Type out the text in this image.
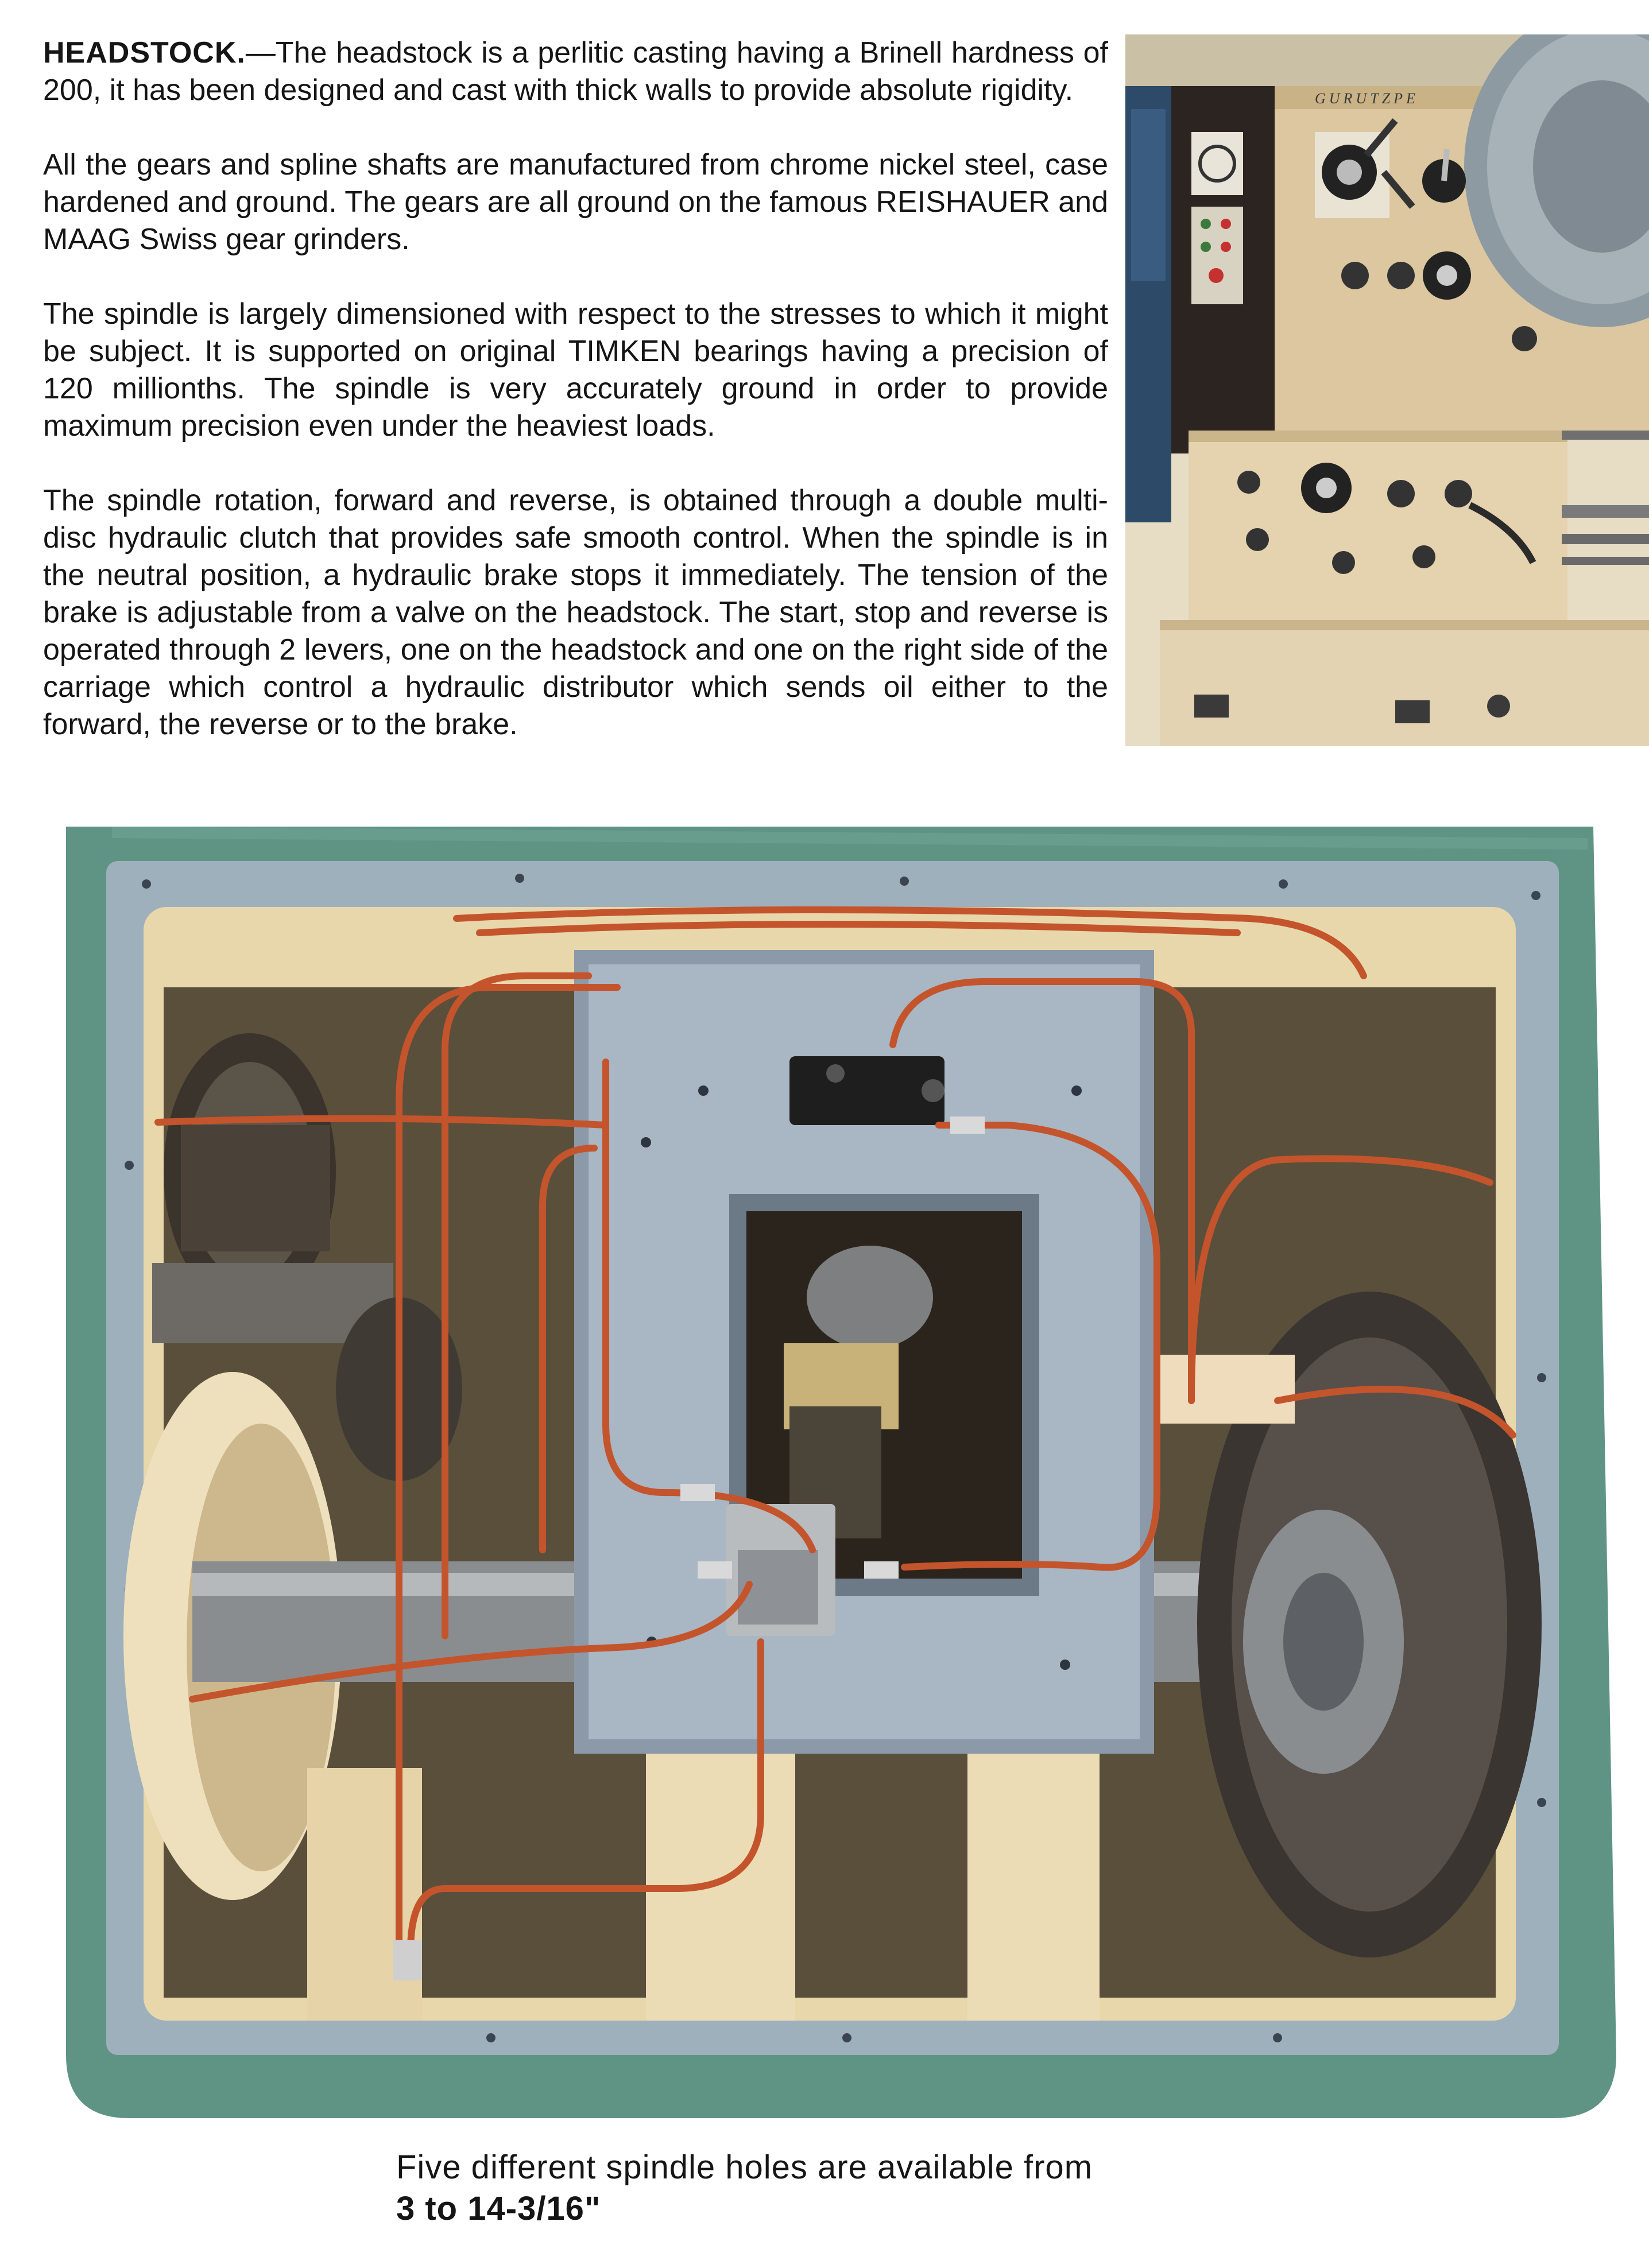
HEADSTOCK.—The headstock is a perlitic casting having a Brinell hardness of 200, it has been designed and cast with thick walls to provide absolute rigidity.

All the gears and spline shafts are manufactured from chrome nickel steel, case hardened and ground. The gears are all ground on the famous REISHAUER and MAAG Swiss gear grinders.

The spindle is largely dimensioned with respect to the stresses to which it might be subject. It is supported on original TIMKEN bearings having a precision of 120 millionths. The spindle is very accurately ground in order to provide maximum precision even under the heaviest loads.

The spindle rotation, forward and reverse, is obtained through a double multi-disc hydraulic clutch that provides safe smooth control. When the spindle is in the neutral position, a hydraulic brake stops it immediately. The tension of the brake is adjustable from a valve on the headstock. The start, stop and reverse is operated through 2 levers, one on the headstock and one on the right side of the carriage which control a hydraulic distributor which sends oil either to the forward, the reverse or to the brake.

GURUTZPE
Five different spindle holes are available from
3 to 14-3/16"
